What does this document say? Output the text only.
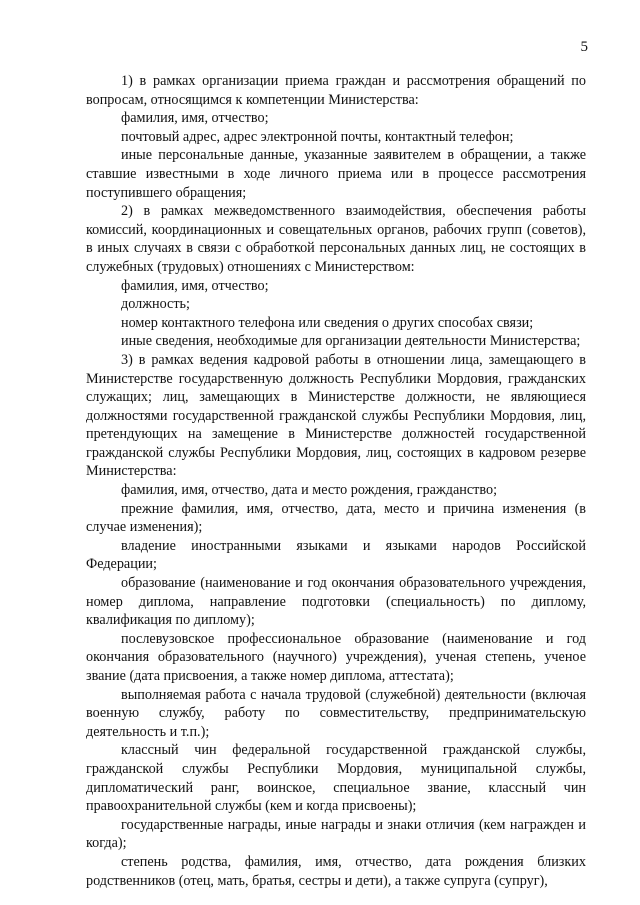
5

1) в рамках организации приема граждан и рассмотрения обращений по вопросам, относящимся к компетенции Министерства:

фамилия, имя, отчество;

почтовый адрес, адрес электронной почты, контактный телефон;

иные персональные данные, указанные заявителем в обращении, а также ставшие известными в ходе личного приема или в процессе рассмотрения поступившего обращения;

2) в рамках межведомственного взаимодействия, обеспечения работы комиссий, координационных и совещательных органов, рабочих групп (советов), в иных случаях в связи с обработкой персональных данных лиц, не состоящих в служебных (трудовых) отношениях с Министерством:

фамилия, имя, отчество;

должность;

номер контактного телефона или сведения о других способах связи;

иные сведения, необходимые для организации деятельности Министерства;

3) в рамках ведения кадровой работы в отношении лица, замещающего в Министерстве государственную должность Республики Мордовия, гражданских служащих; лиц, замещающих в Министерстве должности, не являющиеся должностями государственной гражданской службы Республики Мордовия, лиц, претендующих на замещение в Министерстве должностей государственной гражданской службы Республики Мордовия, лиц, состоящих в кадровом резерве Министерства:

фамилия, имя, отчество, дата и место рождения, гражданство;

прежние фамилия, имя, отчество, дата, место и причина изменения (в случае изменения);

владение иностранными языками и языками народов Российской Федерации;

образование (наименование и год окончания образовательного учреждения, номер диплома, направление подготовки (специальность) по диплому, квалификация по диплому);

послевузовское профессиональное образование (наименование и год окончания образовательного (научного) учреждения), ученая степень, ученое звание (дата присвоения, а также номер диплома, аттестата);

выполняемая работа с начала трудовой (служебной) деятельности (включая военную службу, работу по совместительству, предпринимательскую деятельность и т.п.);

классный чин федеральной государственной гражданской службы, гражданской службы Республики Мордовия, муниципальной службы, дипломатический ранг, воинское, специальное звание, классный чин правоохранительной службы (кем и когда присвоены);

государственные награды, иные награды и знаки отличия (кем награжден и когда);

степень родства, фамилия, имя, отчество, дата рождения близких родственников (отец, мать, братья, сестры и дети), а также супруга (супруг),
